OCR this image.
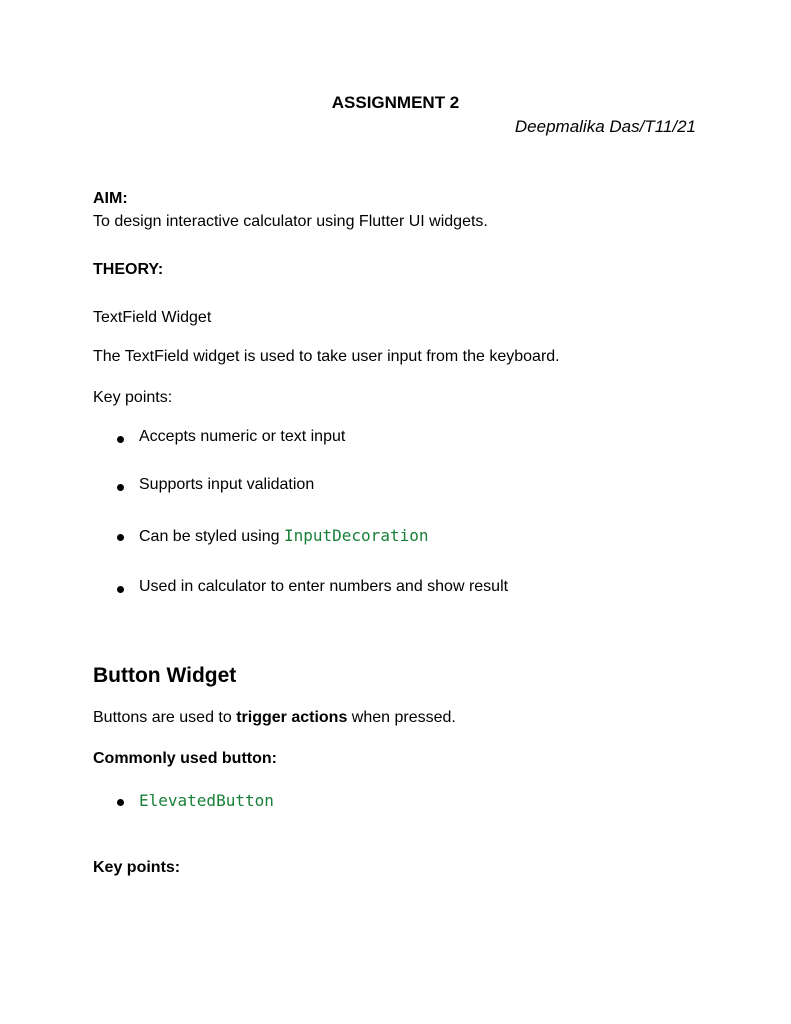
ASSIGNMENT 2

Deepmalika Das/T11/21

AIM:

To design interactive calculator using Flutter UI widgets.

THEORY:

TextField Widget

The TextField widget is used to take user input from the keyboard.

Key points:

Accepts numeric or text input
Supports input validation
Can be styled using InputDecoration
Used in calculator to enter numbers and show result

Button Widget

Buttons are used to trigger actions when pressed.

Commonly used button:

ElevatedButton

Key points:
